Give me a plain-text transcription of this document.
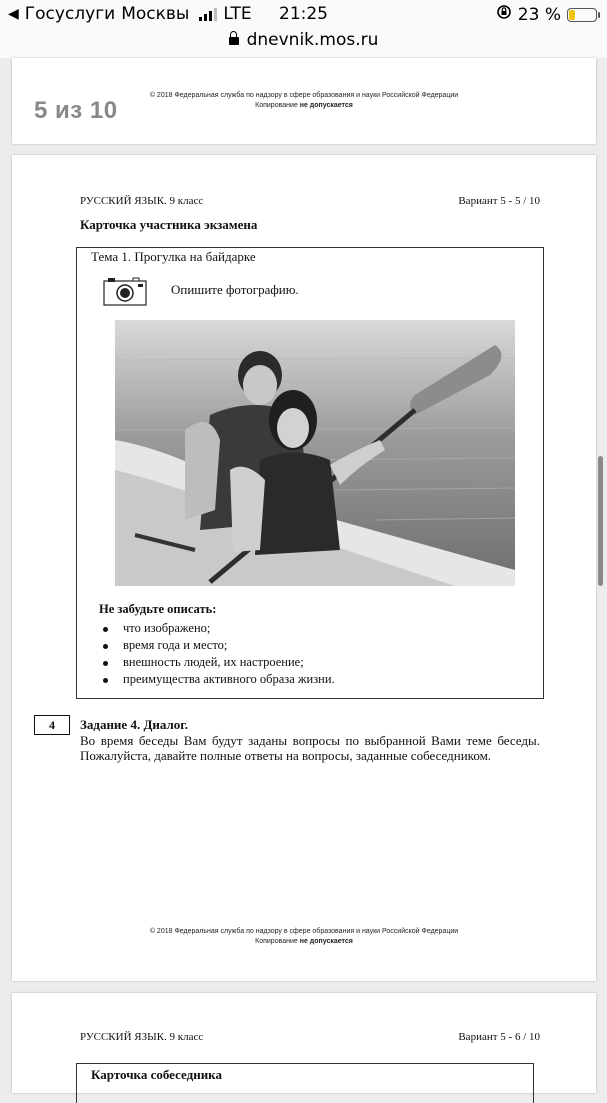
◀ Госуслуги Москвы LTE	21:25	23 %
dnevnik.mos.ru
© 2018 Федеральная служба по надзору в сфере образования и науки Российской Федерации
Копирование не допускается
5 из 10
РУССКИЙ ЯЗЫК. 9 класс	Вариант 5 - 5 / 10
Карточка участника экзамена
Тема 1. Прогулка на байдарке
Опишите фотографию.
Не забудьте описать:
что изображено;
время года и место;
внешность людей, их настроение;
преимущества активного образа жизни.
4	Задание 4. Диалог.
Во время беседы Вам будут заданы вопросы по выбранной Вами теме беседы. Пожалуйста, давайте полные ответы на вопросы, заданные собеседником.
© 2018 Федеральная служба по надзору в сфере образования и науки Российской Федерации
Копирование не допускается
РУССКИЙ ЯЗЫК. 9 класс	Вариант 5 - 6 / 10
Карточка собеседника
